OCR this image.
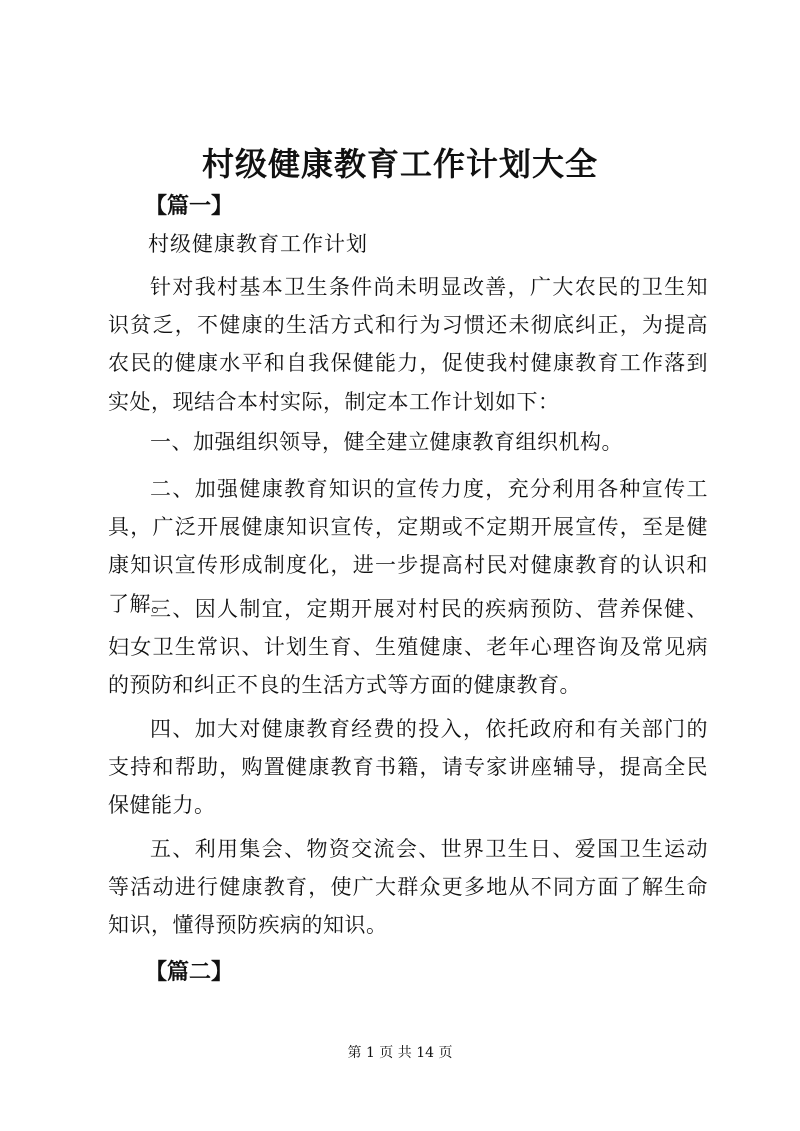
村级健康教育工作计划大全
【篇一】
村级健康教育工作计划

针对我村基本卫生条件尚未明显改善，广大农民的卫生知识贫乏，不健康的生活方式和行为习惯还未彻底纠正，为提高农民的健康水平和自我保健能力，促使我村健康教育工作落到实处，现结合本村实际，制定本工作计划如下：

一、加强组织领导，健全建立健康教育组织机构。

二、加强健康教育知识的宣传力度，充分利用各种宣传工具，广泛开展健康知识宣传，定期或不定期开展宣传，至是健康知识宣传形成制度化，进一步提高村民对健康教育的认识和了解。

三、因人制宜，定期开展对村民的疾病预防、营养保健、妇女卫生常识、计划生育、生殖健康、老年心理咨询及常见病的预防和纠正不良的生活方式等方面的健康教育。

四、加大对健康教育经费的投入，依托政府和有关部门的支持和帮助，购置健康教育书籍，请专家讲座辅导，提高全民保健能力。

五、利用集会、物资交流会、世界卫生日、爱国卫生运动等活动进行健康教育，使广大群众更多地从不同方面了解生命知识，懂得预防疾病的知识。

【篇二】
第 1 页 共 14 页
